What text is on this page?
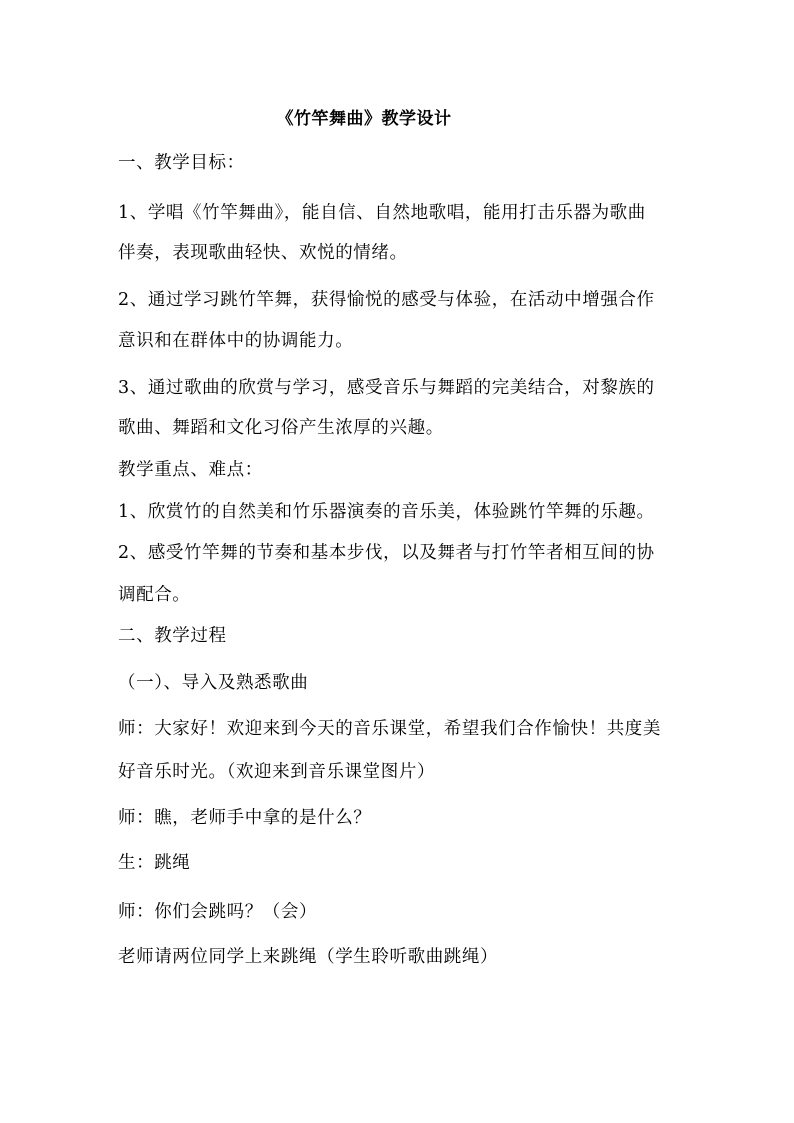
《竹竿舞曲》教学设计
一、教学目标：
1、学唱《竹竿舞曲》，能自信、自然地歌唱，能用打击乐器为歌曲
伴奏，表现歌曲轻快、欢悦的情绪。
2、通过学习跳竹竿舞，获得愉悦的感受与体验，在活动中增强合作
意识和在群体中的协调能力。
3、通过歌曲的欣赏与学习，感受音乐与舞蹈的完美结合，对黎族的
歌曲、舞蹈和文化习俗产生浓厚的兴趣。
教学重点、难点：
1、欣赏竹的自然美和竹乐器演奏的音乐美，体验跳竹竿舞的乐趣。
2、感受竹竿舞的节奏和基本步伐，以及舞者与打竹竿者相互间的协
调配合。
二、教学过程
（一）、导入及熟悉歌曲
师：大家好！欢迎来到今天的音乐课堂，希望我们合作愉快！共度美
好音乐时光。（欢迎来到音乐课堂图片）
师：瞧，老师手中拿的是什么？
生：跳绳
师：你们会跳吗？（会）
老师请两位同学上来跳绳（学生聆听歌曲跳绳）
